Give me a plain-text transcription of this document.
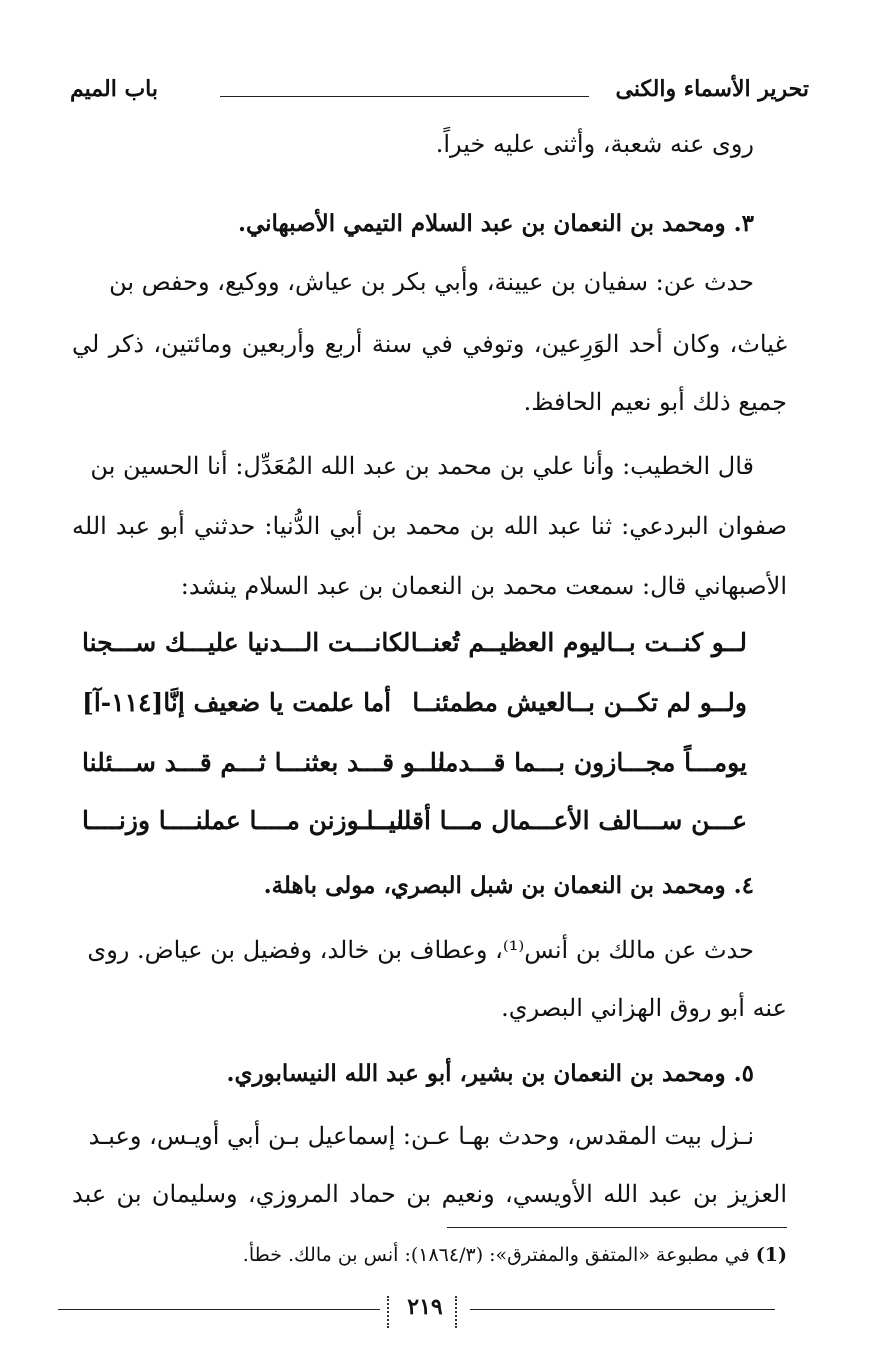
تحرير الأسماء والكنى
باب الميم
روى عنه شعبة، وأثنى عليه خيراً.
٣. ومحمد بن النعمان بن عبد السلام التيمي الأصبهاني.
حدث عن: سفيان بن عيينة، وأبي بكر بن عياش، ووكيع، وحفص بن
غياث، وكان أحد الوَرِعين، وتوفي في سنة أربع وأربعين ومائتين، ذكر لي
جميع ذلك أبو نعيم الحافظ.
قال الخطيب: وأنا علي بن محمد بن عبد الله المُعَدِّل: أنا الحسين بن
صفوان البردعي: ثنا عبد الله بن محمد بن أبي الدُّنيا: حدثني أبو عبد الله
الأصبهاني قال: سمعت محمد بن النعمان بن عبد السلام ينشد:
لــو كنــت بــاليوم العظيــم تُعنــا
لكانـــت الـــدنيا عليـــك ســـجنا
ولــو لم تكــن بــالعيش مطمئنــا
أما علمت يا ضعيف إنَّا[١١٤-آ]
يومـــاً مجـــازون بـــما قـــدمنا
لـــو قـــد بعثنـــا ثـــم قـــد ســـئلنا
عـــن ســـالف الأعـــمال مـــا أقلنـــا
ليــــوزنن مــــا عملنــــا وزنــــا
٤. ومحمد بن النعمان بن شبل البصري، مولى باهلة.
حدث عن مالك بن أنس⁽¹⁾، وعطاف بن خالد، وفضيل بن عياض. روى
عنه أبو روق الهزاني البصري.
٥. ومحمد بن النعمان بن بشير، أبو عبد الله النيسابوري.
نـزل بيت المقدس، وحدث بهـا عـن: إسماعيل بـن أبي أويـس، وعبـد
العزيز بن عبد الله الأويسي، ونعيم بن حماد المروزي، وسليمان بن عبد
(1) في مطبوعة «المتفق والمفترق»: (١٨٦٤/٣): أنس بن مالك. خطأ.
٢١٩
